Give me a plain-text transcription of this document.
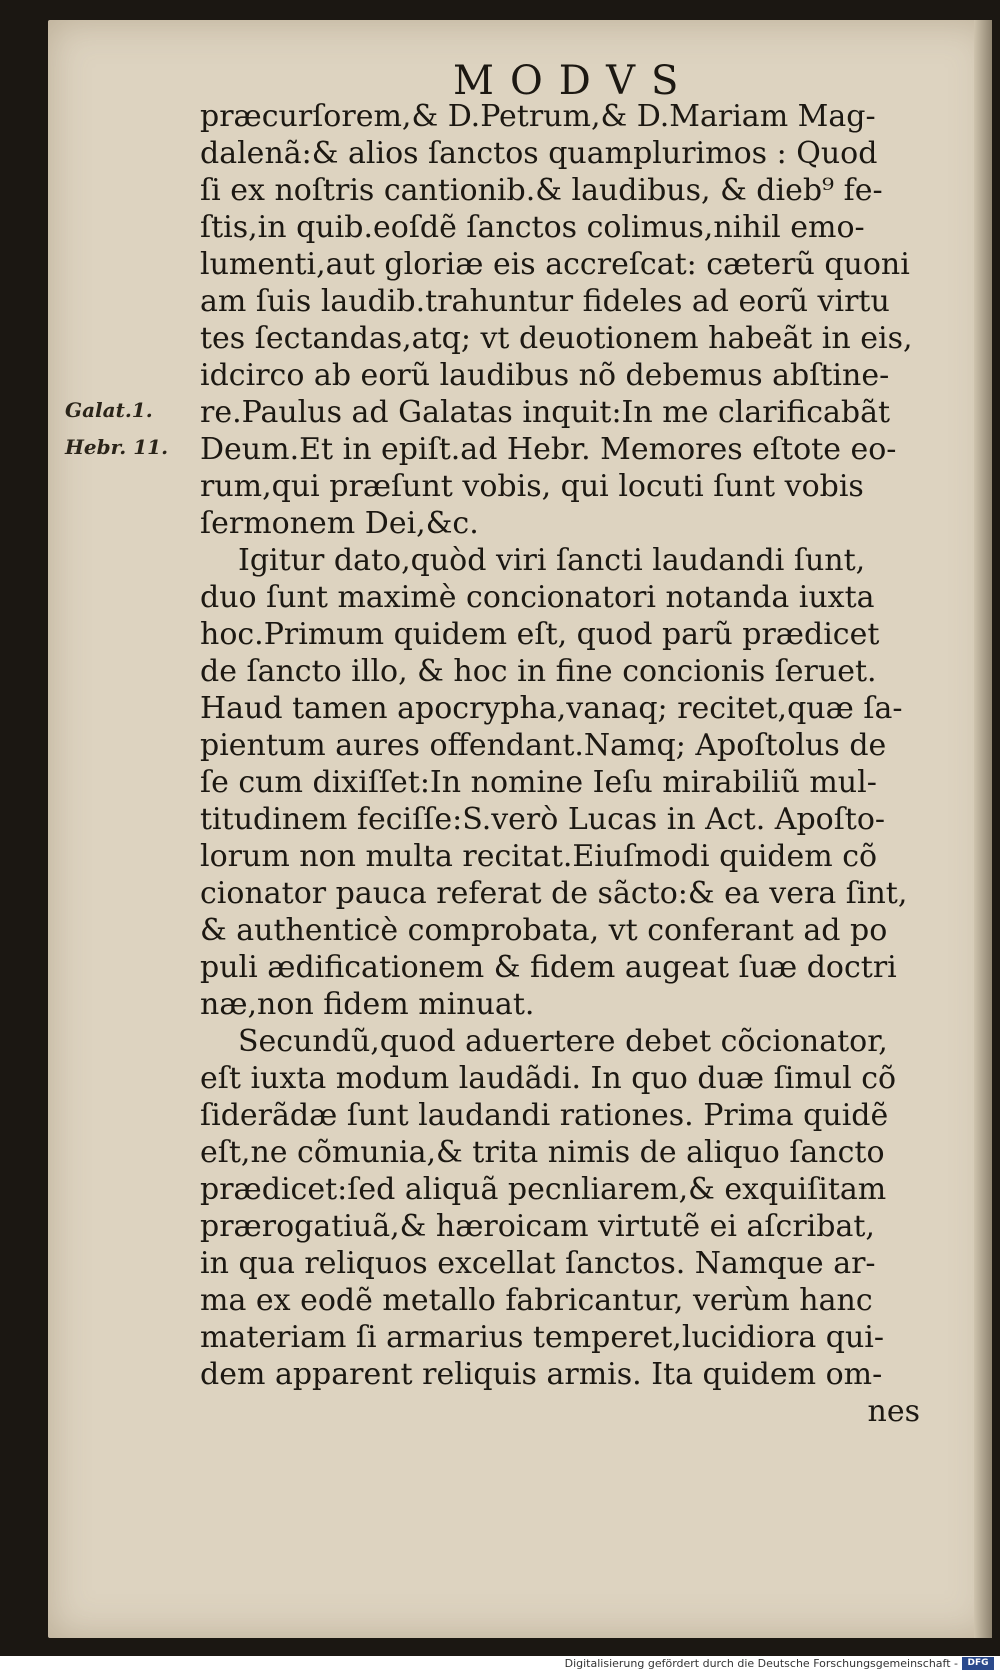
MODVS
Galat.1.
Hebr. 11.
præcurſorem,& D.Petrum,& D.Mariam Mag-
dalenã:& alios ſanctos quamplurimos : Quod
ſi ex noſtris cantionib.& laudibus, & dieb⁹ fe-
ſtis,in quib.eoſdẽ ſanctos colimus,nihil emo-
lumenti,aut gloriæ eis accreſcat: cæterũ quoni
am ſuis laudib.trahuntur fideles ad eorũ virtu
tes ſectandas,atq; vt deuotionem habeãt in eis,
idcirco ab eorũ laudibus nõ debemus abſtine-
re.Paulus ad Galatas inquit:In me clarificabãt
Deum.Et in epiſt.ad Hebr. Memores eſtote eo-
rum,qui præſunt vobis, qui locuti ſunt vobis
ſermonem Dei,&c.
Igitur dato,quòd viri ſancti laudandi ſunt,
duo ſunt maximè concionatori notanda iuxta
hoc.Primum quidem eſt, quod parũ prædicet
de ſancto illo, & hoc in fine concionis ſeruet.
Haud tamen apocrypha,vanaq; recitet,quæ ſa-
pientum aures offendant.Namq; Apoſtolus de
ſe cum dixiſſet:In nomine Ieſu mirabiliũ mul-
titudinem feciſſe:S.verò Lucas in Act. Apoſto-
lorum non multa recitat.Eiuſmodi quidem cõ
cionator pauca referat de sãcto:& ea vera ſint,
& authenticè comprobata, vt conferant ad po
puli ædificationem & fidem augeat ſuæ doctri
næ,non fidem minuat.
Secundũ,quod aduertere debet cõcionator,
eſt iuxta modum laudãdi. In quo duæ ſimul cõ
ſiderãdæ ſunt laudandi rationes. Prima quidẽ
eſt,ne cõmunia,& trita nimis de aliquo ſancto
prædicet:ſed aliquã pecnliarem,& exquiſitam
prærogatiuã,& hæroicam virtutẽ ei aſcribat,
in qua reliquos excellat ſanctos. Namque ar-
ma ex eodẽ metallo fabricantur, verùm hanc
materiam ſi armarius temperet,lucidiora qui-
dem apparent reliquis armis. Ita quidem om-
nes
Digitalisierung gefördert durch die Deutsche Forschungsgemeinschaft -	DFG
